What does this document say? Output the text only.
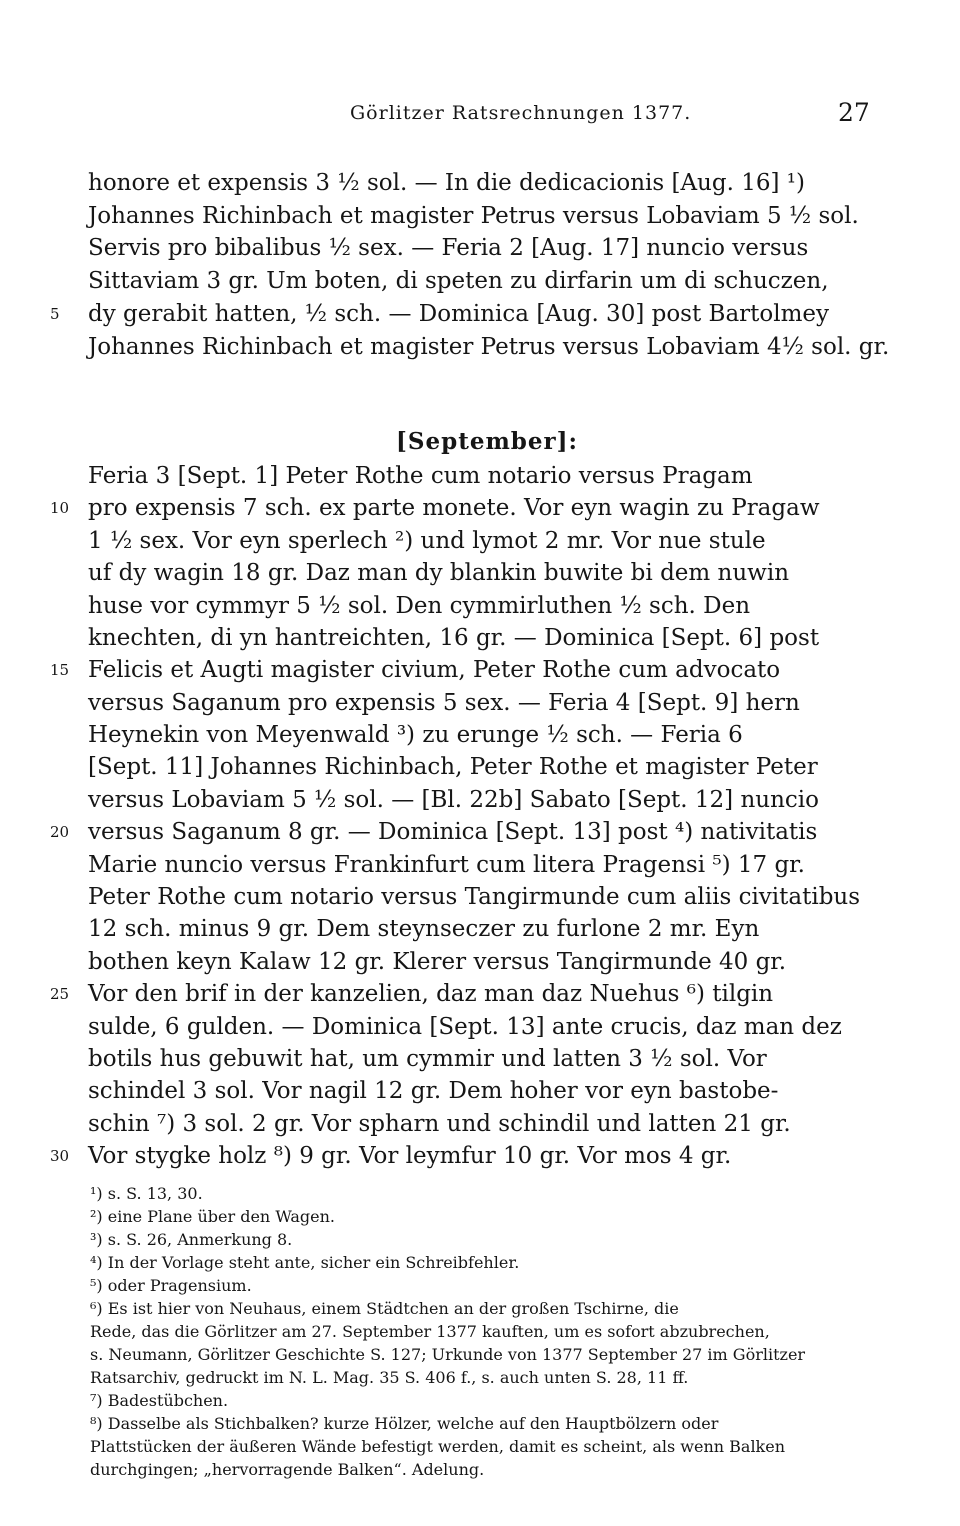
Görlitzer Ratsrechnungen 1377.	27
honore et expensis 3 ½ sol. — In die dedicacionis [Aug. 16] ¹)
Johannes Richinbach et magister Petrus versus Lobaviam 5 ½ sol.
Servis pro bibalibus ½ sex. — Feria 2 [Aug. 17] nuncio versus
Sittaviam 3 gr. Um boten, di speten zu dirfarin um di schuczen,
5 dy gerabit hatten, ½ sch. — Dominica [Aug. 30] post Bartolmey
Johannes Richinbach et magister Petrus versus Lobaviam 4½ sol. gr.
[September]:
Feria 3 [Sept. 1] Peter Rothe cum notario versus Pragam
10 pro expensis 7 sch. ex parte monete. Vor eyn wagin zu Pragaw
1 ½ sex. Vor eyn sperlech ²) und lymot 2 mr. Vor nue stule
uf dy wagin 18 gr. Daz man dy blankin buwite bi dem nuwin
huse vor cymmyr 5 ½ sol. Den cymmirluthen ½ sch. Den
knechten, di yn hantreichten, 16 gr. — Dominica [Sept. 6] post
15 Felicis et Augti magister civium, Peter Rothe cum advocato
versus Saganum pro expensis 5 sex. — Feria 4 [Sept. 9] hern
Heynekin von Meyenwald ³) zu erunge ½ sch. — Feria 6
[Sept. 11] Johannes Richinbach, Peter Rothe et magister Peter
versus Lobaviam 5 ½ sol. — [Bl. 22b] Sabato [Sept. 12] nuncio
20 versus Saganum 8 gr. — Dominica [Sept. 13] post ⁴) nativitatis
Marie nuncio versus Frankinfurt cum litera Pragensi ⁵) 17 gr.
Peter Rothe cum notario versus Tangirmunde cum aliis civitatibus
12 sch. minus 9 gr. Dem steynseczer zu furlone 2 mr. Eyn
bothen keyn Kalaw 12 gr. Klerer versus Tangirmunde 40 gr.
25 Vor den brif in der kanzelien, daz man daz Nuehus ⁶) tilgin
sulde, 6 gulden. — Dominica [Sept. 13] ante crucis, daz man dez
botils hus gebuwit hat, um cymmir und latten 3 ½ sol. Vor
schindel 3 sol. Vor nagil 12 gr. Dem hoher vor eyn bastobe-
schin ⁷) 3 sol. 2 gr. Vor spharn und schindil und latten 21 gr.
30 Vor stygke holz ⁸) 9 gr. Vor leymfur 10 gr. Vor mos 4 gr.
¹) s. S. 13, 30.
²) eine Plane über den Wagen.
³) s. S. 26, Anmerkung 8.
⁴) In der Vorlage steht ante, sicher ein Schreibfehler.
⁵) oder Pragensium.
⁶) Es ist hier von Neuhaus, einem Städtchen an der großen Tschirne, die
Rede, das die Görlitzer am 27. September 1377 kauften, um es sofort abzubrechen,
s. Neumann, Görlitzer Geschichte S. 127; Urkunde von 1377 September 27 im Görlitzer
Ratsarchiv, gedruckt im N. L. Mag. 35 S. 406 f., s. auch unten S. 28, 11 ff.
⁷) Badestübchen.
⁸) Dasselbe als Stichbalken? kurze Hölzer, welche auf den Hauptbölzern oder
Plattstücken der äußeren Wände befestigt werden, damit es scheint, als wenn Balken
durchgingen; „hervorragende Balken“. Adelung.
